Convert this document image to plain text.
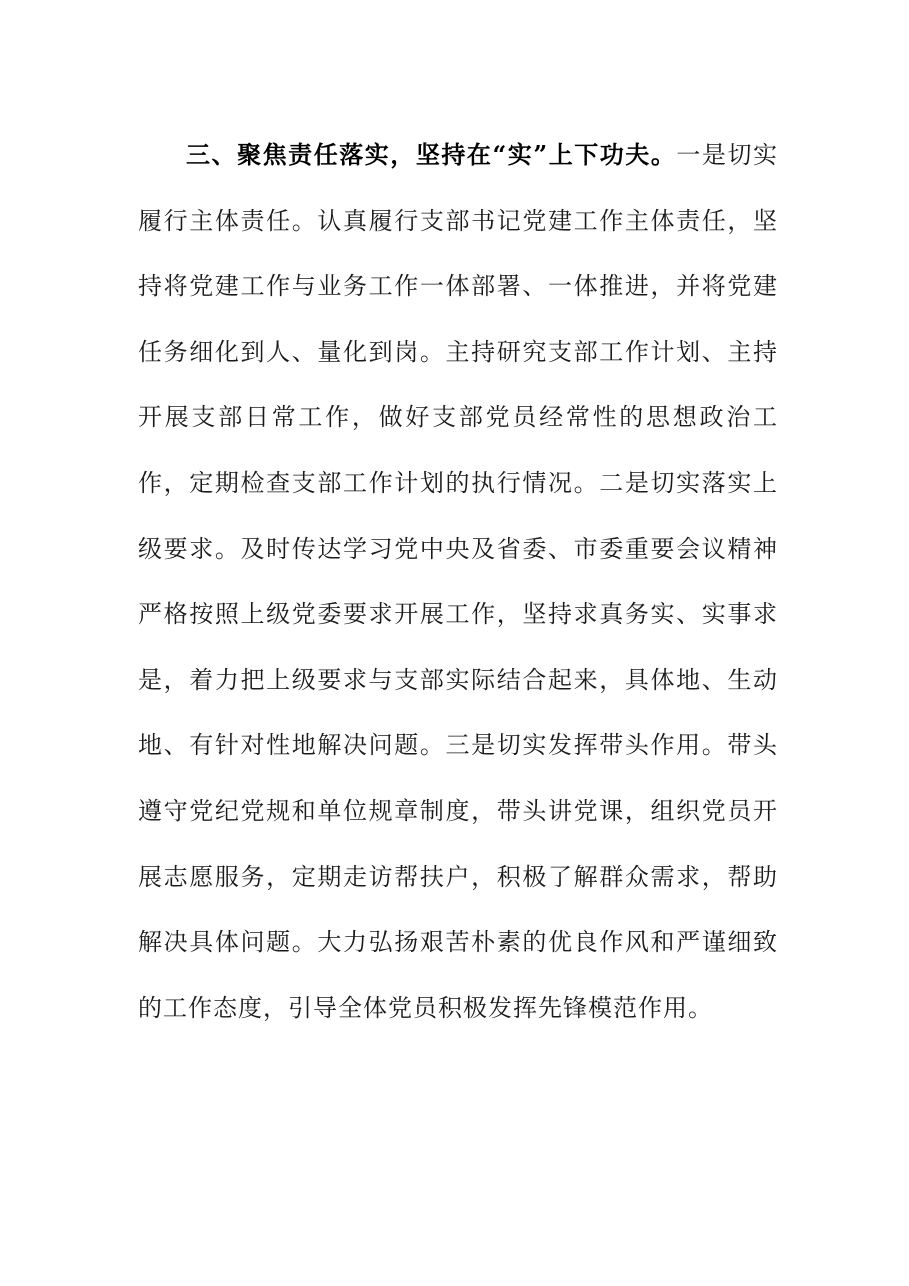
三、聚焦责任落实，坚持在“实”上下功夫。一是切实履行主体责任。认真履行支部书记党建工作主体责任，坚持将党建工作与业务工作一体部署、一体推进，并将党建任务细化到人、量化到岗。主持研究支部工作计划、主持开展支部日常工作，做好支部党员经常性的思想政治工作，定期检查支部工作计划的执行情况。二是切实落实上级要求。及时传达学习党中央及省委、市委重要会议精神严格按照上级党委要求开展工作，坚持求真务实、实事求是，着力把上级要求与支部实际结合起来，具体地、生动地、有针对性地解决问题。三是切实发挥带头作用。带头遵守党纪党规和单位规章制度，带头讲党课，组织党员开展志愿服务，定期走访帮扶户，积极了解群众需求，帮助解决具体问题。大力弘扬艰苦朴素的优良作风和严谨细致的工作态度，引导全体党员积极发挥先锋模范作用。
